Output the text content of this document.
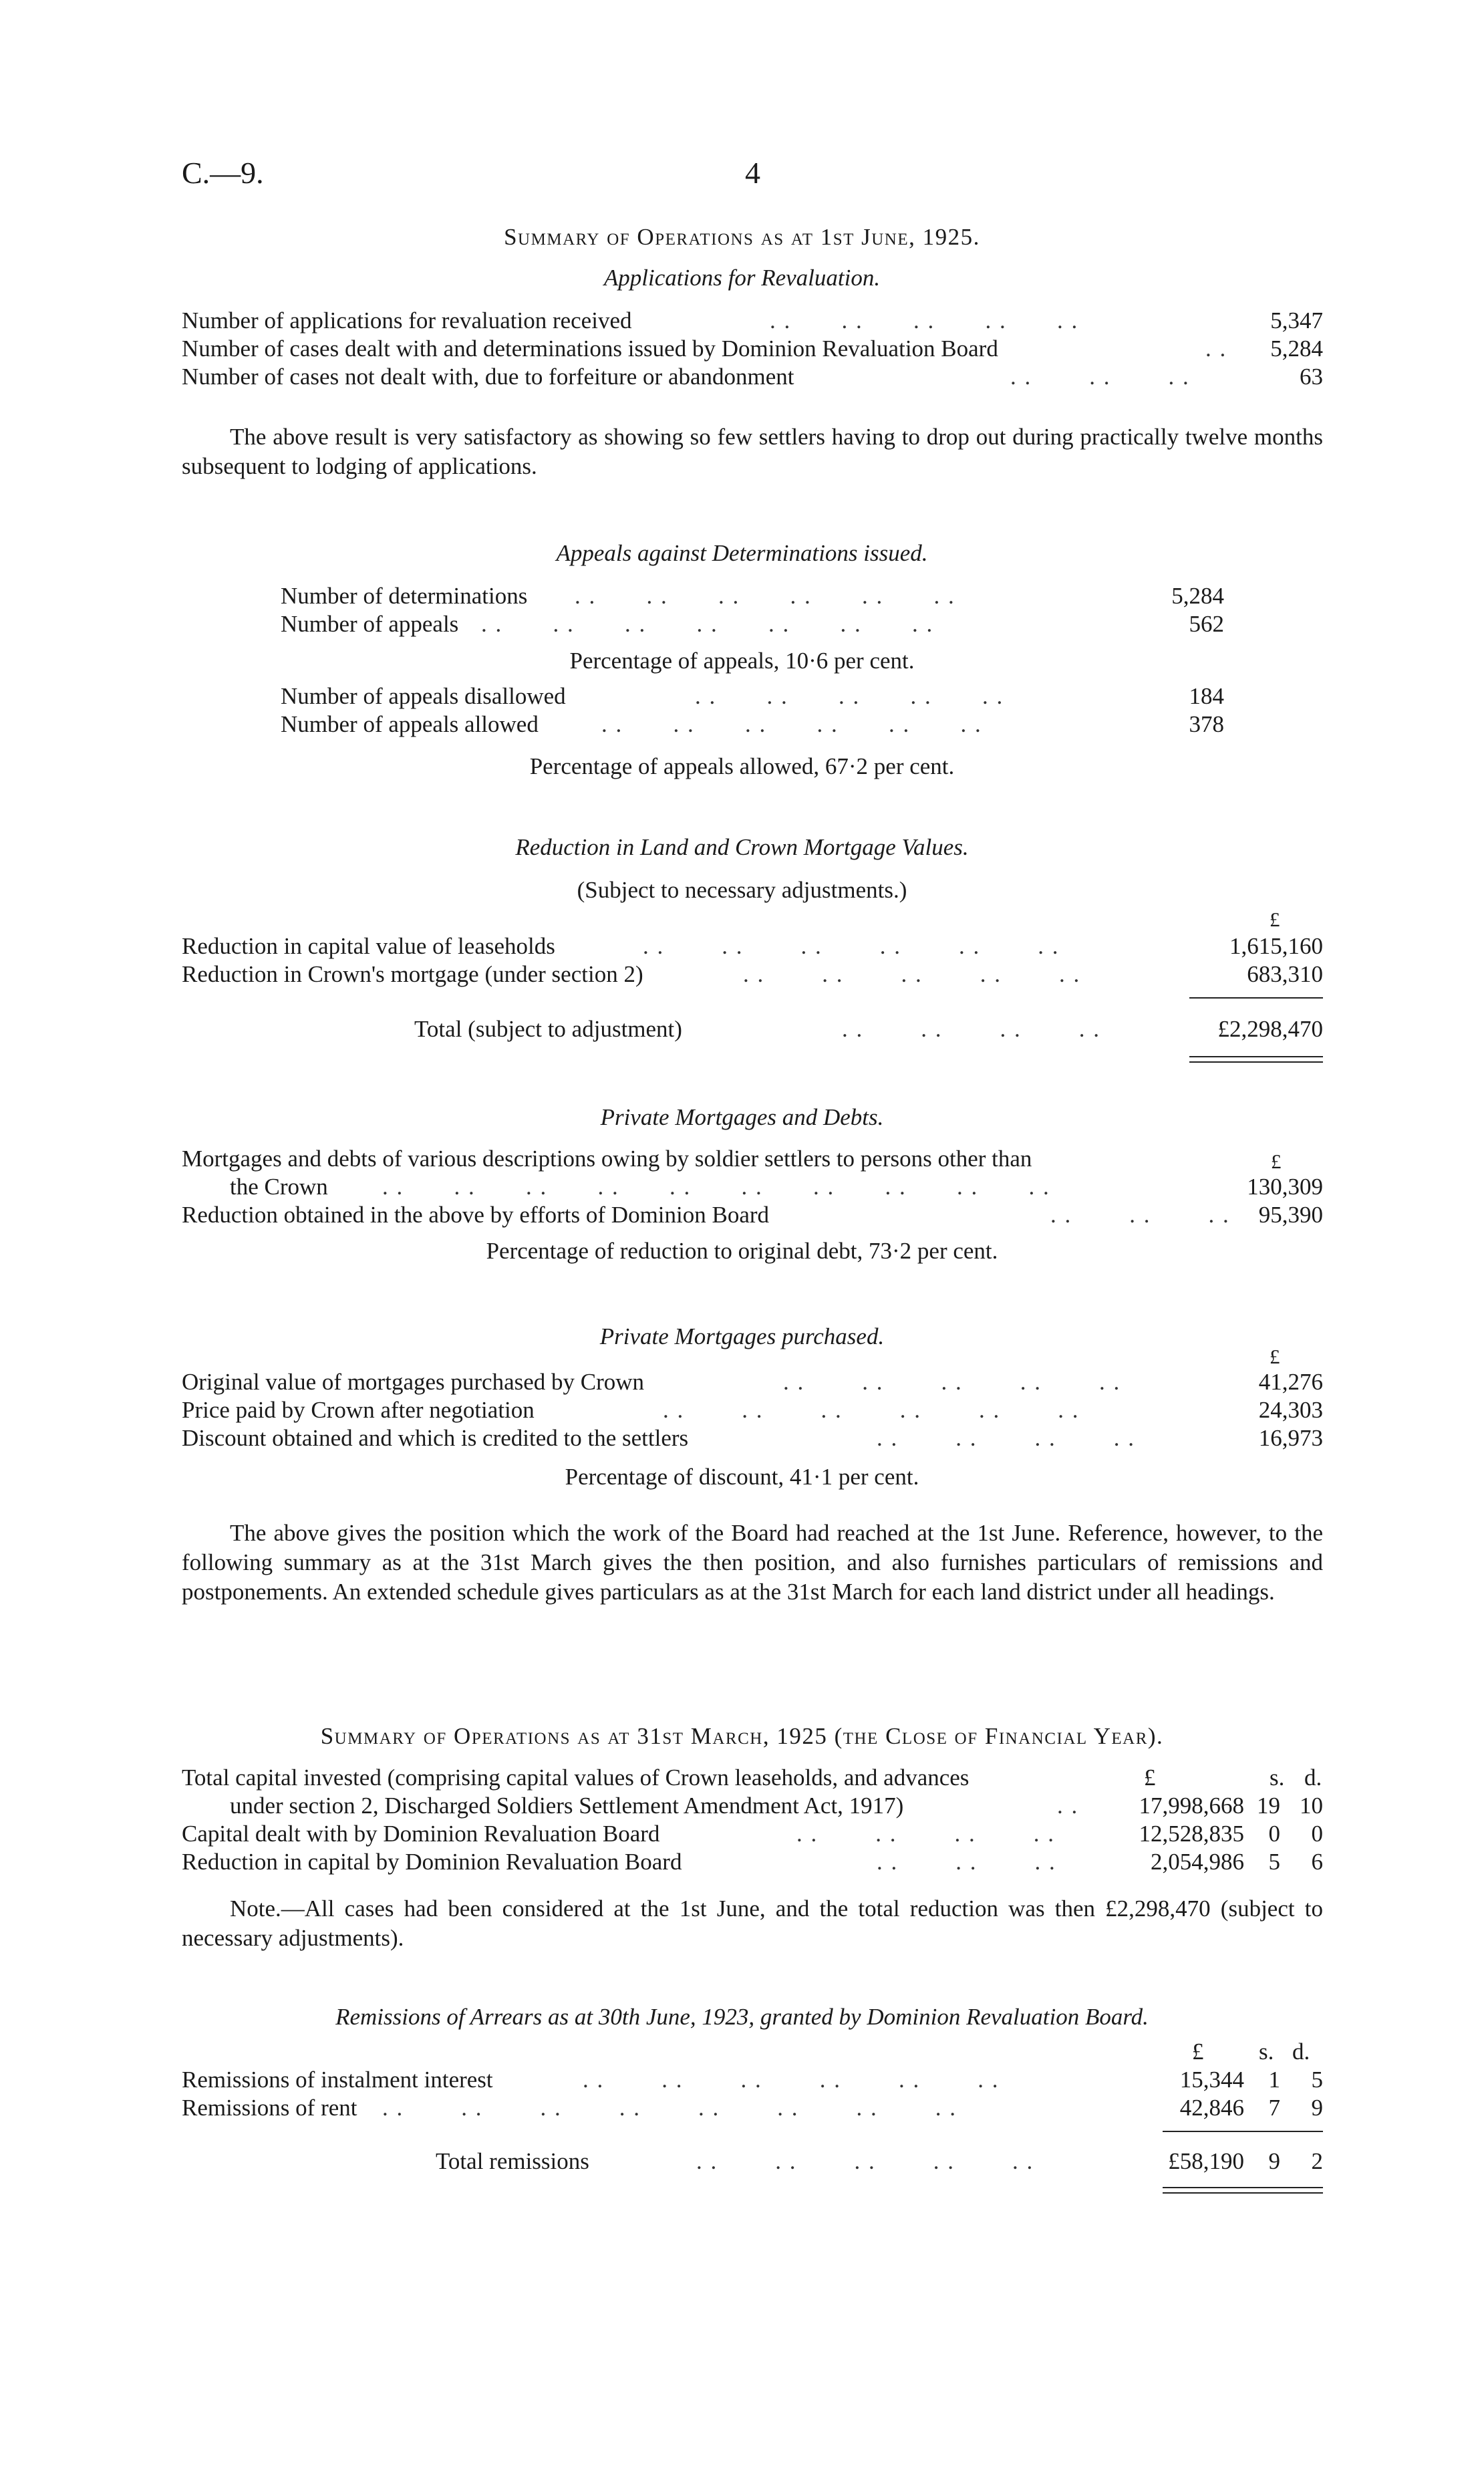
C.—9.	4
Summary of Operations as at 1st June, 1925.
Applications for Revaluation.
Number of applications for revaluation received	. .       . .       . .       . .       . .	5,347
Number of cases dealt with and determinations issued by Dominion Revaluation Board	. .	5,284
Number of cases not dealt with, due to forfeiture or abandonment	. .        . .        . .	63
The above result is very satisfactory as showing so few settlers having to drop out during practically twelve months subsequent to lodging of applications.
Appeals against Determinations issued.
Number of determinations . .       . .       . .       . .       . .       . .	5,284
Number of appeals . .       . .       . .       . .       . .       . .       . .	562
Percentage of appeals, 10·6 per cent.
Number of appeals disallowed	. .       . .       . .       . .       . .	184
Number of appeals allowed	. .       . .       . .       . .       . .       . .	378
Percentage of appeals allowed, 67·2 per cent.
Reduction in Land and Crown Mortgage Values.
(Subject to necessary adjustments.)
£
Reduction in capital value of leaseholds	. .        . .        . .        . .        . .        . .	1,615,160
Reduction in Crown's mortgage (under section 2)	. .        . .        . .        . .        . .	683,310
Total (subject to adjustment)	. .        . .        . .        . .	£2,298,470
Private Mortgages and Debts.
Mortgages and debts of various descriptions owing by soldier settlers to persons other than	£
the Crown . .       . .       . .       . .       . .       . .       . .       . .       . .       . .	130,309
Reduction obtained in the above by efforts of Dominion Board	. .        . .        . .	95,390
Percentage of reduction to original debt, 73·2 per cent.
Private Mortgages purchased.
£
Original value of mortgages purchased by Crown	. .        . .        . .        . .        . .	41,276
Price paid by Crown after negotiation	. .        . .        . .        . .        . .        . .	24,303
Discount obtained and which is credited to the settlers	. .        . .        . .        . .	16,973
Percentage of discount, 41·1 per cent.
The above gives the position which the work of the Board had reached at the 1st June. Reference, however, to the following summary as at the 31st March gives the then position, and also furnishes particulars of remissions and postponements. An extended schedule gives particulars as at the 31st March for each land district under all headings.
Summary of Operations as at 31st March, 1925 (the Close of Financial Year).
Total capital invested (comprising capital values of Crown leaseholds, and advances	£	s. d.
under section 2, Discharged Soldiers Settlement Amendment Act, 1917)	. .	17,998,668 19 10
Capital dealt with by Dominion Revaluation Board	. .        . .        . .        . .	12,528,835	0	0
Reduction in capital by Dominion Revaluation Board	. .        . .        . .	2,054,986	5	6
Note.—All cases had been considered at the 1st June, and the total reduction was then £2,298,470 (subject to necessary adjustments).
Remissions of Arrears as at 30th June, 1923, granted by Dominion Revaluation Board.
£ s. d.
Remissions of instalment interest	. .        . .        . .        . .        . .        . .	15,344	1	5
Remissions of rent . .        . .        . .        . .        . .        . .        . .        . .	42,846	7	9
Total remissions	. .        . .        . .        . .        . .	£58,190	9	2
